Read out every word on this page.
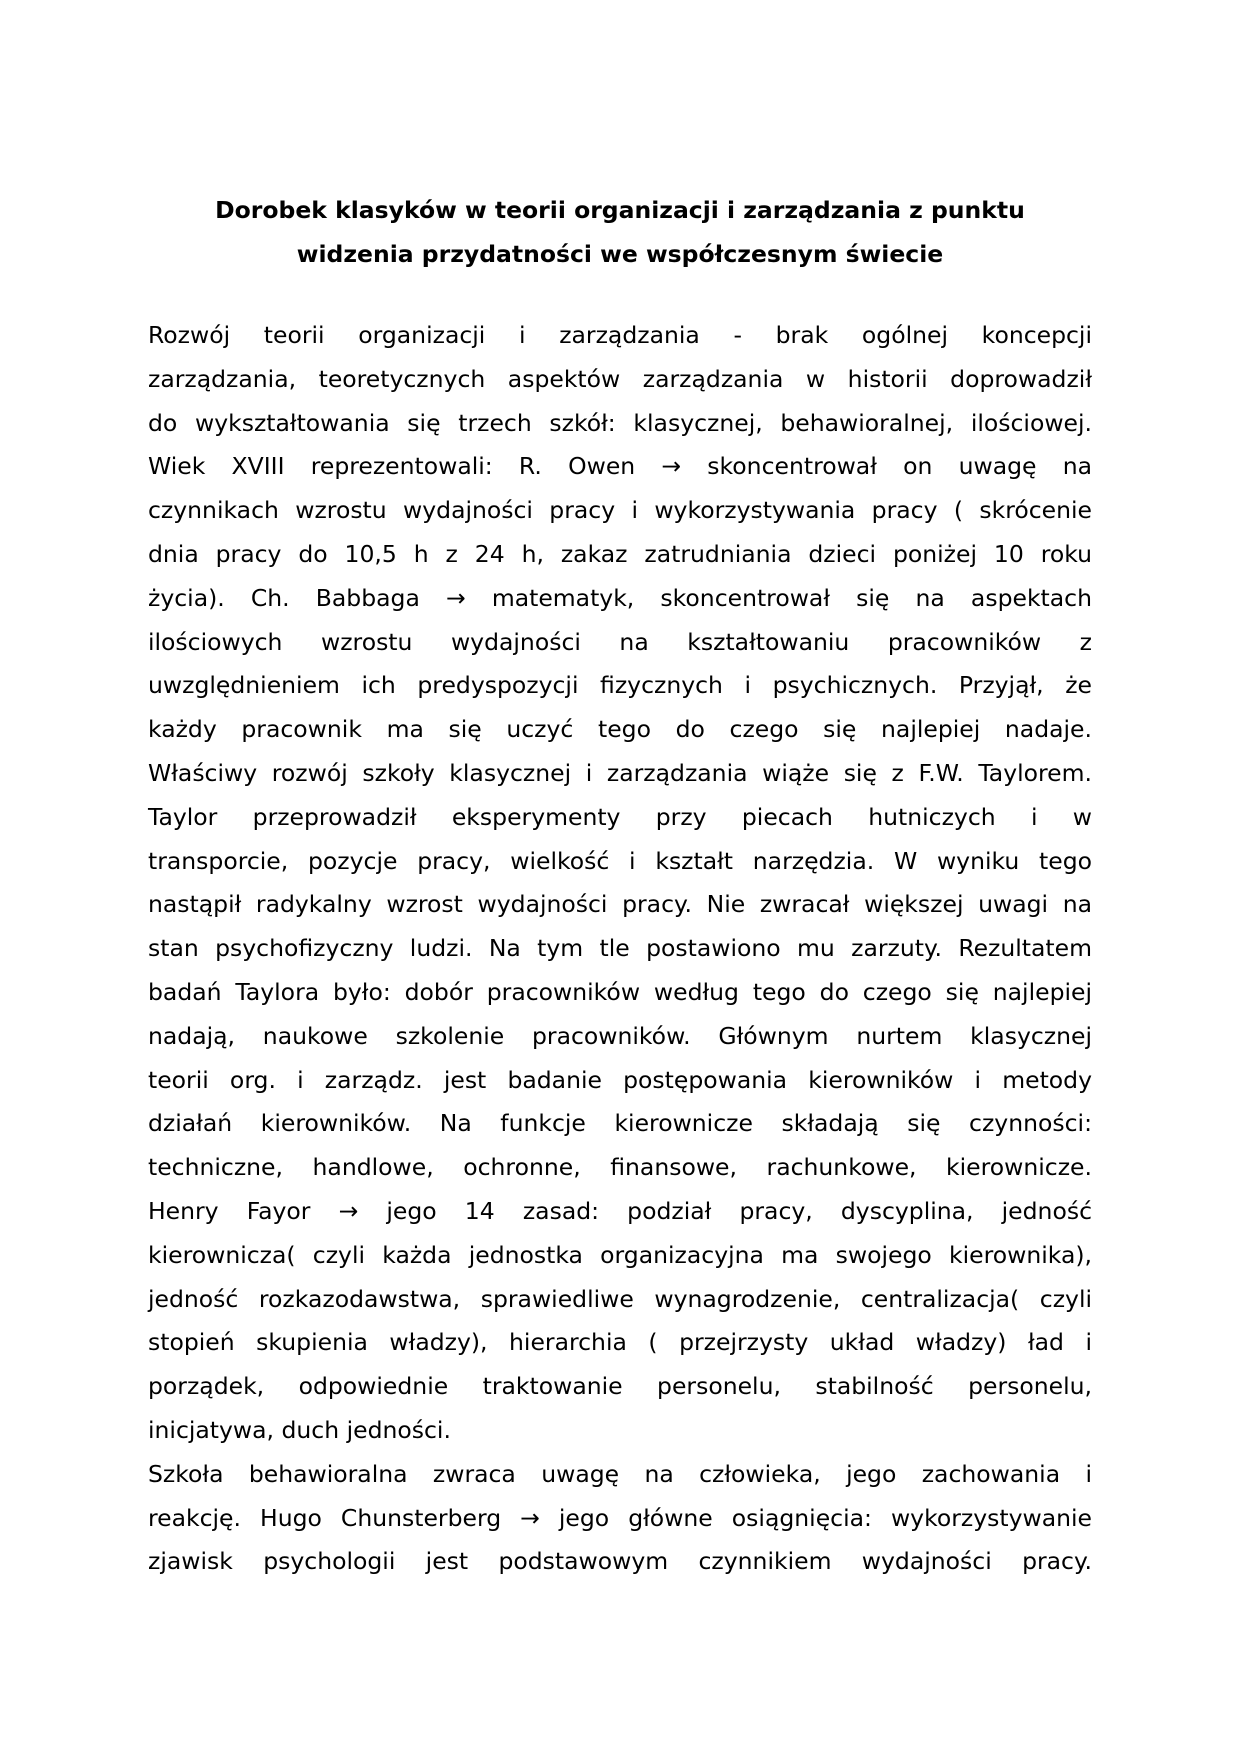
Dorobek klasyków w teorii organizacji i zarządzania z punktu
widzenia przydatności we współczesnym świecie

Rozwój teorii organizacji i zarządzania - brak ogólnej koncepcji
zarządzania, teoretycznych aspektów zarządzania w historii doprowadził
do wykształtowania się trzech szkół: klasycznej, behawioralnej, ilościowej.
Wiek XVIII reprezentowali: R. Owen → skoncentrował on uwagę na
czynnikach wzrostu wydajności pracy i wykorzystywania pracy ( skrócenie
dnia pracy do 10,5 h z 24 h, zakaz zatrudniania dzieci poniżej 10 roku
życia). Ch. Babbaga → matematyk, skoncentrował się na aspektach
ilościowych wzrostu wydajności na kształtowaniu pracowników z
uwzględnieniem ich predyspozycji fizycznych i psychicznych. Przyjął, że
każdy pracownik ma się uczyć tego do czego się najlepiej nadaje.
Właściwy rozwój szkoły klasycznej i zarządzania wiąże się z F.W. Taylorem.
Taylor przeprowadził eksperymenty przy piecach hutniczych i w
transporcie, pozycje pracy, wielkość i kształt narzędzia. W wyniku tego
nastąpił radykalny wzrost wydajności pracy. Nie zwracał większej uwagi na
stan psychofizyczny ludzi. Na tym tle postawiono mu zarzuty. Rezultatem
badań Taylora było: dobór pracowników według tego do czego się najlepiej
nadają, naukowe szkolenie pracowników. Głównym nurtem klasycznej
teorii org. i zarządz. jest badanie postępowania kierowników i metody
działań kierowników. Na funkcje kierownicze składają się czynności:
techniczne, handlowe, ochronne, finansowe, rachunkowe, kierownicze.
Henry Fayor → jego 14 zasad: podział pracy, dyscyplina, jedność
kierownicza( czyli każda jednostka organizacyjna ma swojego kierownika),
jedność rozkazodawstwa, sprawiedliwe wynagrodzenie, centralizacja( czyli
stopień skupienia władzy), hierarchia ( przejrzysty układ władzy) ład i
porządek, odpowiednie traktowanie personelu, stabilność personelu,
inicjatywa, duch jedności.

Szkoła behawioralna zwraca uwagę na człowieka, jego zachowania i
reakcję. Hugo Chunsterberg → jego główne osiągnięcia: wykorzystywanie
zjawisk psychologii jest podstawowym czynnikiem wydajności pracy.
